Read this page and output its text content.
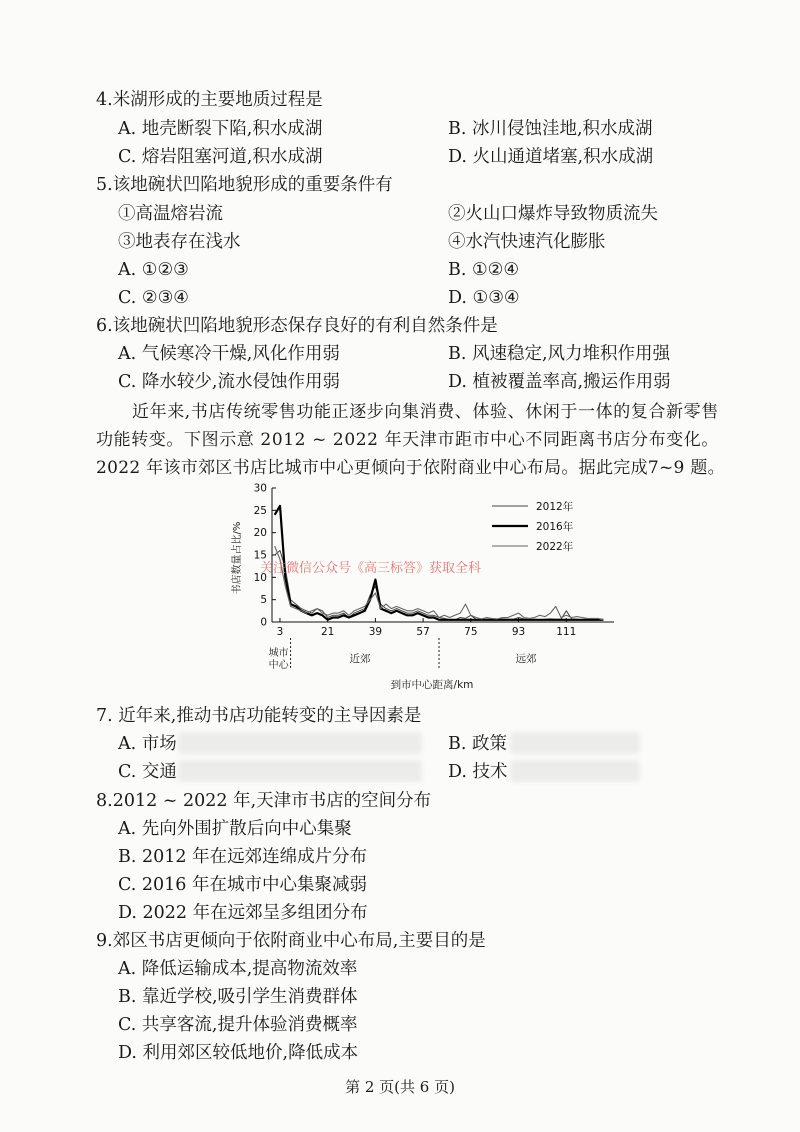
4.米湖形成的主要地质过程是
A. 地壳断裂下陷,积水成湖	B. 冰川侵蚀洼地,积水成湖
C. 熔岩阻塞河道,积水成湖	D. 火山通道堵塞,积水成湖
5.该地碗状凹陷地貌形成的重要条件有
①高温熔岩流	②火山口爆炸导致物质流失
③地表存在浅水	④水汽快速汽化膨胀
A. ①②③	B. ①②④
C. ②③④	D. ①③④
6.该地碗状凹陷地貌形态保存良好的有利自然条件是
A. 气候寒冷干燥,风化作用弱	B. 风速稳定,风力堆积作用强
C. 降水较少,流水侵蚀作用弱	D. 植被覆盖率高,搬运作用弱
近年来,书店传统零售功能正逐步向集消费、体验、休闲于一体的复合新零售
功能转变。下图示意 2012 ~ 2022 年天津市距市中心不同距离书店分布变化。
2022 年该市郊区书店比城市中心更倾向于依附商业中心布局。据此完成7~9 题。
0
5
10
15
20
25
30
3	21	39	57	75	93	111
2012年
2016年
2022年
书店数量占比/%
到市中心距离/km
城市中心
近郊	远郊
关注微信公众号《高三标答》获取全科
7. 近年来,推动书店功能转变的主导因素是
A. 市场	B. 政策
C. 交通	D. 技术
8.2012 ~ 2022 年,天津市书店的空间分布
A. 先向外围扩散后向中心集聚
B. 2012 年在远郊连绵成片分布
C. 2016 年在城市中心集聚减弱
D. 2022 年在远郊呈多组团分布
9.郊区书店更倾向于依附商业中心布局,主要目的是
A. 降低运输成本,提高物流效率
B. 靠近学校,吸引学生消费群体
C. 共享客流,提升体验消费概率
D. 利用郊区较低地价,降低成本
第 2 页(共 6 页)
